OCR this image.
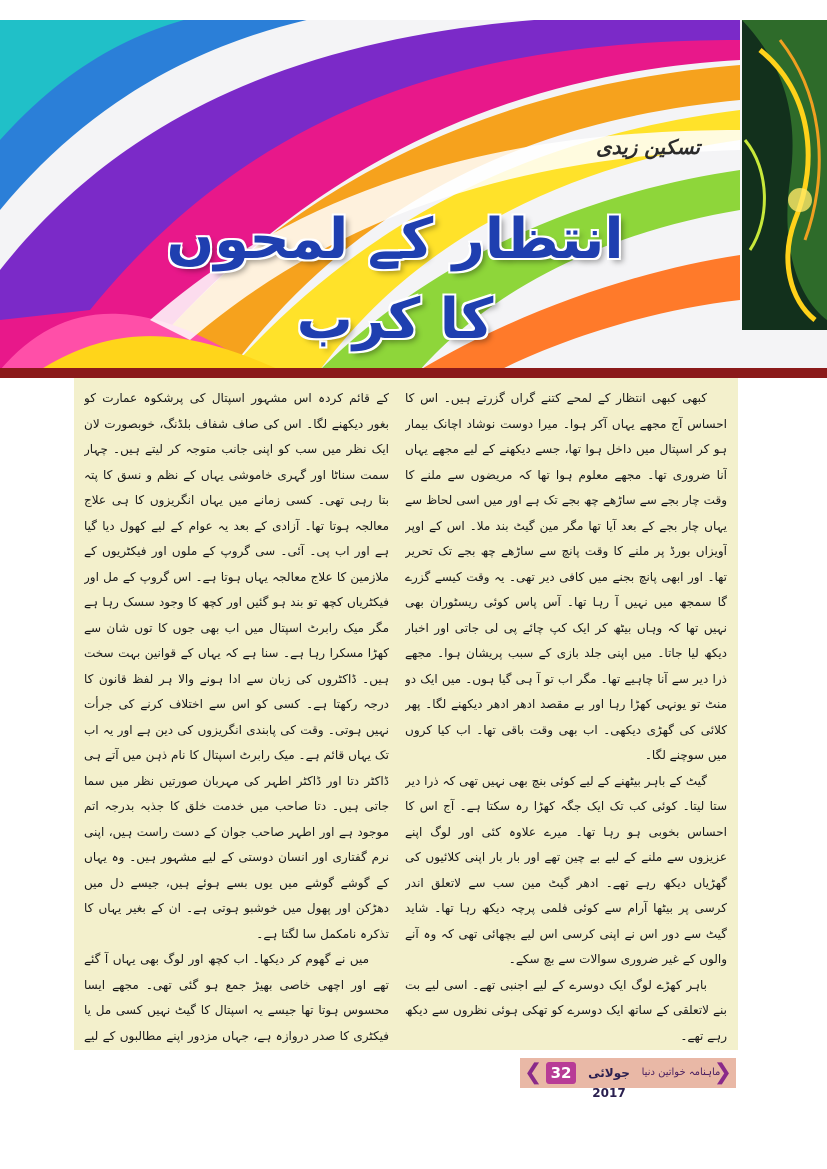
تسکین زیدی
انتظار کے لمحوں کا کرب

کبھی کبھی انتظار کے لمحے کتنے گراں گزرتے ہیں۔ اس کا احساس آج مجھے یہاں آکر ہوا۔ میرا دوست نوشاد اچانک بیمار ہو کر اسپتال میں داخل ہوا تھا، جسے دیکھنے کے لیے مجھے یہاں آنا ضروری تھا۔ مجھے معلوم ہوا تھا کہ مریضوں سے ملنے کا وقت چار بجے سے ساڑھے چھ بجے تک ہے اور میں اسی لحاظ سے یہاں چار بجے کے بعد آیا تھا مگر مین گیٹ بند ملا۔ اس کے اوپر آویزاں بورڈ پر ملنے کا وقت پانچ سے ساڑھے چھ بجے تک تحریر تھا۔ اور ابھی پانچ بجنے میں کافی دیر تھی۔ یہ وقت کیسے گزرے گا سمجھ میں نہیں آ رہا تھا۔ آس پاس کوئی ریسٹوران بھی نہیں تھا کہ وہاں بیٹھ کر ایک کپ چائے پی لی جاتی اور اخبار دیکھ لیا جاتا۔ میں اپنی جلد بازی کے سبب پریشان ہوا۔ مجھے ذرا دیر سے آنا چاہیے تھا۔ مگر اب تو آ ہی گیا ہوں۔ میں ایک دو منٹ تو یونہی کھڑا رہا اور بے مقصد ادھر ادھر دیکھنے لگا۔ پھر کلائی کی گھڑی دیکھی۔ اب بھی وقت باقی تھا۔ اب کیا کروں میں سوچنے لگا۔

گیٹ کے باہر بیٹھنے کے لیے کوئی بنچ بھی نہیں تھی کہ ذرا دیر ستا لیتا۔ کوئی کب تک ایک جگہ کھڑا رہ سکتا ہے۔ آج اس کا احساس بخوبی ہو رہا تھا۔ میرے علاوہ کئی اور لوگ اپنے عزیزوں سے ملنے کے لیے بے چین تھے اور بار بار اپنی کلائیوں کی گھڑیاں دیکھ رہے تھے۔ ادھر گیٹ مین سب سے لاتعلق اندر کرسی پر بیٹھا آرام سے کوئی فلمی پرچہ دیکھ رہا تھا۔ شاید گیٹ سے دور اس نے اپنی کرسی اس لیے بچھائی تھی کہ وہ آنے والوں کے غیر ضروری سوالات سے بچ سکے۔

باہر کھڑے لوگ ایک دوسرے کے لیے اجنبی تھے۔ اسی لیے بت بنے لاتعلقی کے ساتھ ایک دوسرے کو تھکی ہوئی نظروں سے دیکھ رہے تھے۔

کے قائم کردہ اس مشہور اسپتال کی پرشکوہ عمارت کو بغور دیکھنے لگا۔ اس کی صاف شفاف بلڈنگ، خوبصورت لان ایک نظر میں سب کو اپنی جانب متوجہ کر لیتے ہیں۔ چہار سمت سناٹا اور گہری خاموشی یہاں کے نظم و نسق کا پتہ بتا رہی تھی۔ کسی زمانے میں یہاں انگریزوں کا ہی علاج معالجہ ہوتا تھا۔ آزادی کے بعد یہ عوام کے لیے کھول دیا گیا ہے اور اب پی۔ آئی۔ سی گروپ کے ملوں اور فیکٹریوں کے ملازمین کا علاج معالجہ یہاں ہوتا ہے۔ اس گروپ کے مل اور فیکٹریاں کچھ تو بند ہو گئیں اور کچھ کا وجود سسک رہا ہے مگر میک رابرٹ اسپتال میں اب بھی جوں کا توں شان سے کھڑا مسکرا رہا ہے۔ سنا ہے کہ یہاں کے قوانین بہت سخت ہیں۔ ڈاکٹروں کی زبان سے ادا ہونے والا ہر لفظ قانون کا درجہ رکھتا ہے۔ کسی کو اس سے اختلاف کرنے کی جرأت نہیں ہوتی۔ وقت کی پابندی انگریزوں کی دین ہے اور یہ اب تک یہاں قائم ہے۔ میک رابرٹ اسپتال کا نام ذہن میں آتے ہی ڈاکٹر دتا اور ڈاکٹر اطہر کی مہربان صورتیں نظر میں سما جاتی ہیں۔ دتا صاحب میں خدمت خلق کا جذبہ بدرجہ اتم موجود ہے اور اطہر صاحب جوان کے دست راست ہیں، اپنی نرم گفتاری اور انسان دوستی کے لیے مشہور ہیں۔ وہ یہاں کے گوشے گوشے میں یوں بسے ہوئے ہیں، جیسے دل میں دھڑکن اور پھول میں خوشبو ہوتی ہے۔ ان کے بغیر یہاں کا تذکرہ نامکمل سا لگتا ہے۔

میں نے گھوم کر دیکھا۔ اب کچھ اور لوگ بھی یہاں آ گئے تھے اور اچھی خاصی بھیڑ جمع ہو گئی تھی۔ مجھے ایسا محسوس ہوتا تھا جیسے یہ اسپتال کا گیٹ نہیں کسی مل یا فیکٹری کا صدر دروازہ ہے، جہاں مزدور اپنے مطالبوں کے لیے

❮ 32	جولائی 2017
ماہنامہ خواتین دنیا
❯
